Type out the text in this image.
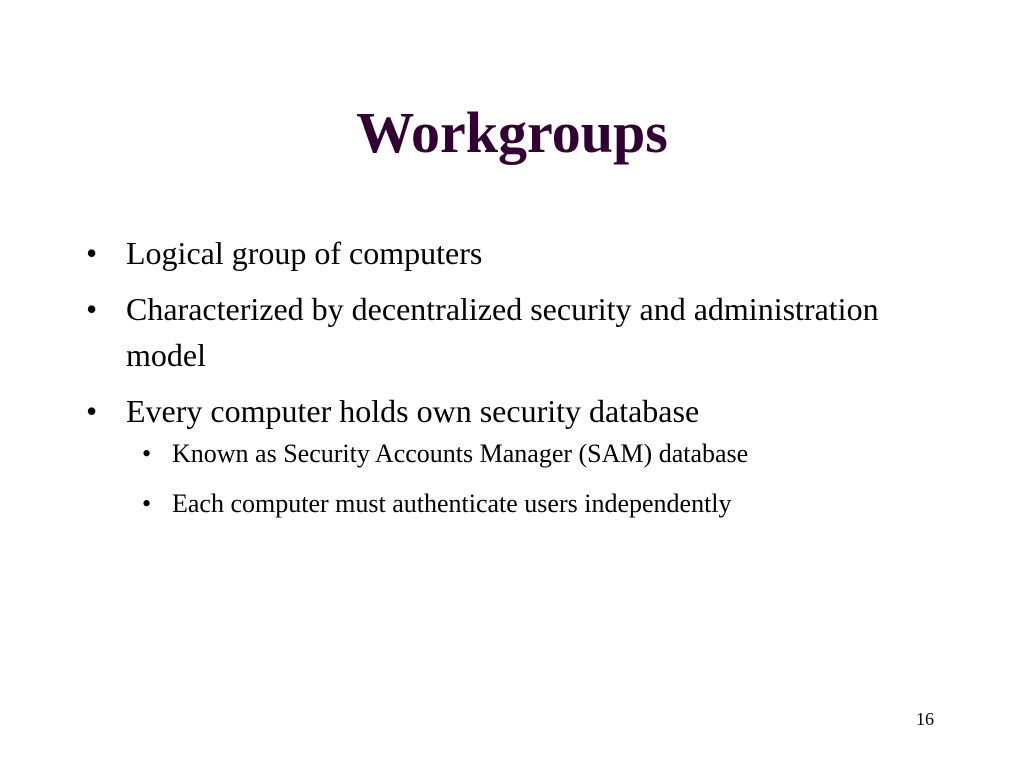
Workgroups
• Logical group of computers
• Characterized by decentralized security and administration model
• Every computer holds own security database
• Known as Security Accounts Manager (SAM) database
• Each computer must authenticate users independently
16
